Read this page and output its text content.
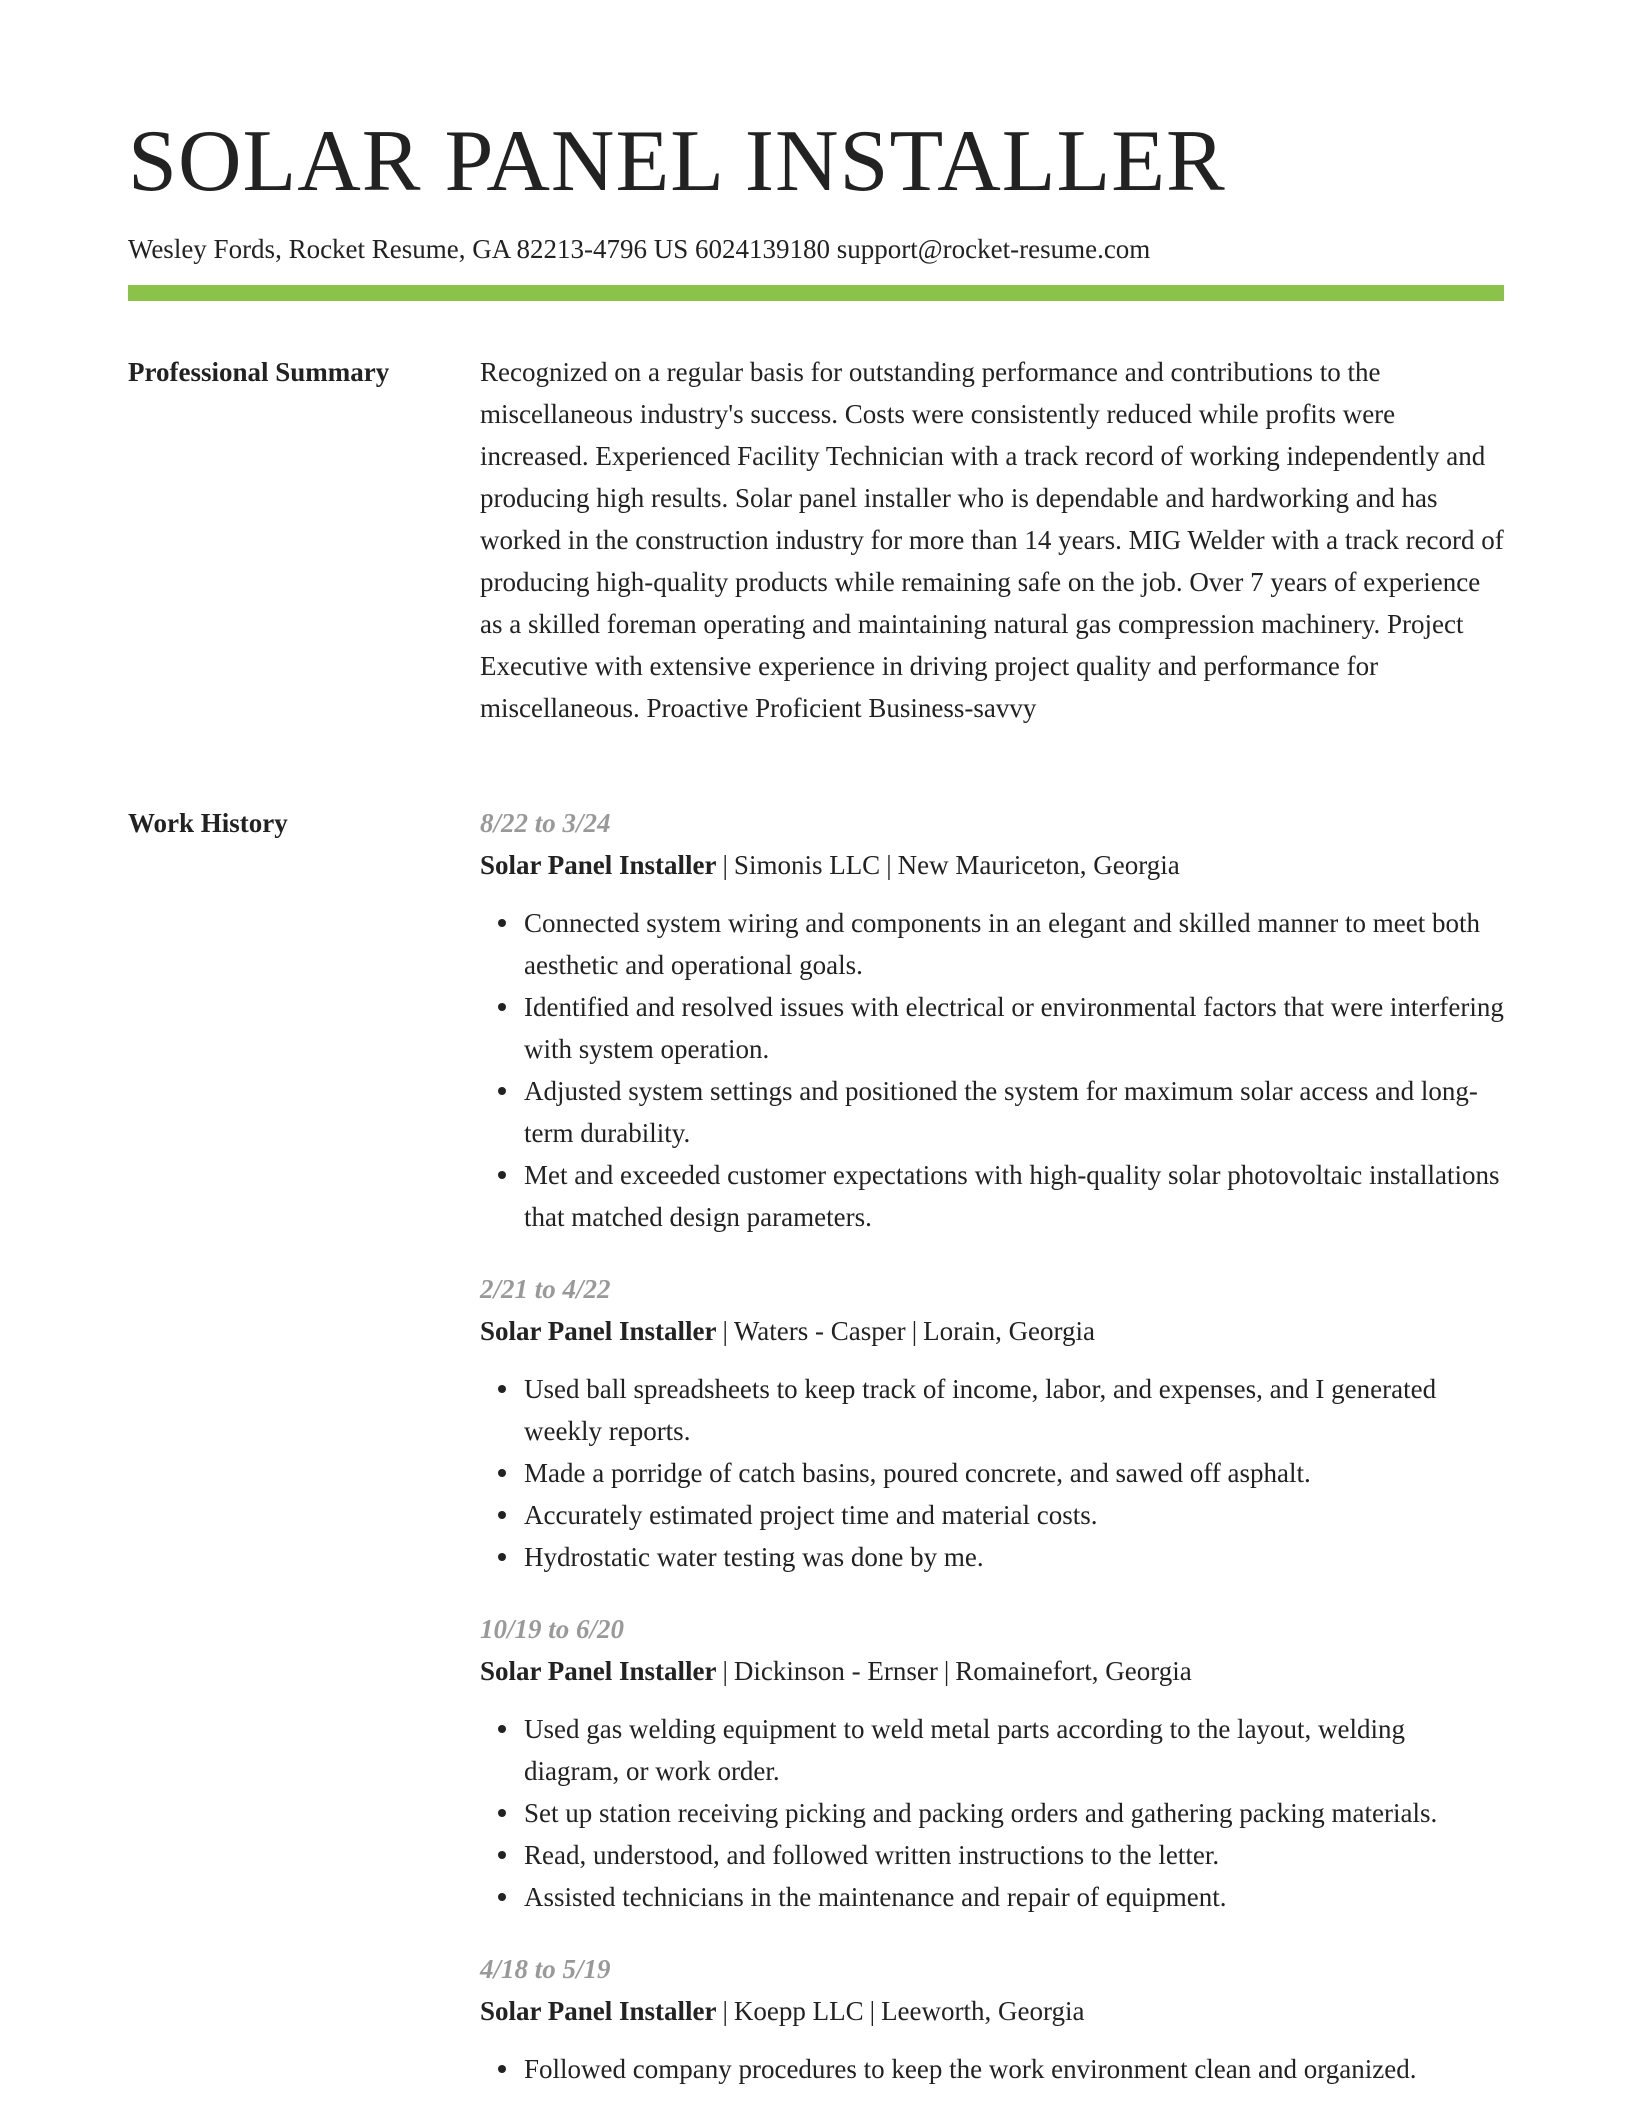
SOLAR PANEL INSTALLER
Wesley Fords, Rocket Resume, GA 82213-4796 US 6024139180 support@rocket-resume.com
Professional Summary	Recognized on a regular basis for outstanding performance and contributions to the miscellaneous industry's success. Costs were consistently reduced while profits were increased. Experienced Facility Technician with a track record of working independently and producing high results. Solar panel installer who is dependable and hardworking and has worked in the construction industry for more than 14 years. MIG Welder with a track record of producing high-quality products while remaining safe on the job. Over 7 years of experience as a skilled foreman operating and maintaining natural gas compression machinery. Project Executive with extensive experience in driving project quality and performance for miscellaneous. Proactive Proficient Business-savvy

Work History	8/22 to 3/24
Solar Panel Installer | Simonis LLC | New Mauriceton, Georgia
Connected system wiring and components in an elegant and skilled manner to meet both aesthetic and operational goals.
Identified and resolved issues with electrical or environmental factors that were interfering with system operation.
Adjusted system settings and positioned the system for maximum solar access and long-term durability.
Met and exceeded customer expectations with high-quality solar photovoltaic installations that matched design parameters.
2/21 to 4/22
Solar Panel Installer | Waters - Casper | Lorain, Georgia
Used ball spreadsheets to keep track of income, labor, and expenses, and I generated weekly reports.
Made a porridge of catch basins, poured concrete, and sawed off asphalt.
Accurately estimated project time and material costs.
Hydrostatic water testing was done by me.
10/19 to 6/20
Solar Panel Installer | Dickinson - Ernser | Romainefort, Georgia
Used gas welding equipment to weld metal parts according to the layout, welding diagram, or work order.
Set up station receiving picking and packing orders and gathering packing materials.
Read, understood, and followed written instructions to the letter.
Assisted technicians in the maintenance and repair of equipment.
4/18 to 5/19
Solar Panel Installer | Koepp LLC | Leeworth, Georgia
Followed company procedures to keep the work environment clean and organized.
